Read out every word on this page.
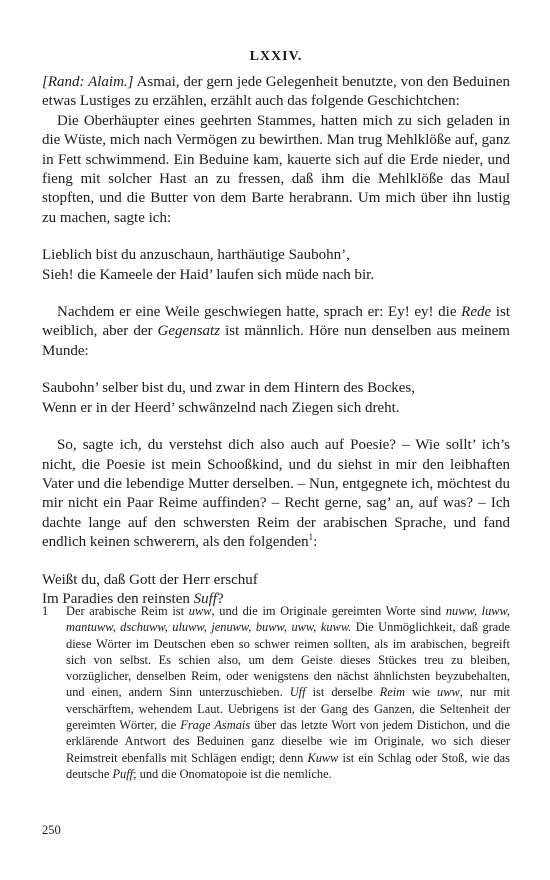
LXXIV.

[Rand: Alaim.] Asmai, der gern jede Gelegenheit benutzte, von den Beduinen etwas Lustiges zu erzählen, erzählt auch das folgende Geschichtchen:

Die Oberhäupter eines geehrten Stammes, hatten mich zu sich geladen in die Wüste, mich nach Vermögen zu bewirthen. Man trug Mehlklöße auf, ganz in Fett schwimmend. Ein Beduine kam, kauerte sich auf die Erde nieder, und fieng mit solcher Hast an zu fressen, daß ihm die Mehlklöße das Maul stopften, und die Butter von dem Barte herabrann. Um mich über ihn lustig zu machen, sagte ich:

Lieblich bist du anzuschaun, harthäutige Saubohn’,
Sieh! die Kameele der Haid’ laufen sich müde nach bir.

Nachdem er eine Weile geschwiegen hatte, sprach er: Ey! ey! die Rede ist weiblich, aber der Gegensatz ist männlich. Höre nun denselben aus meinem Munde:

Saubohn’ selber bist du, und zwar in dem Hintern des Bockes,
Wenn er in der Heerd’ schwänzelnd nach Ziegen sich dreht.

So, sagte ich, du verstehst dich also auch auf Poesie? – Wie sollt’ ich’s nicht, die Poesie ist mein Schooßkind, und du siehst in mir den leibhaften Vater und die lebendige Mutter derselben. – Nun, entgegnete ich, möchtest du mir nicht ein Paar Reime auffinden? – Recht gerne, sag’ an, auf was? – Ich dachte lange auf den schwersten Reim der arabischen Sprache, und fand endlich keinen schwerern, als den folgenden$^1$:

Weißt du, daß Gott der Herr erschuf
Im Paradies den reinsten Suff?
1 Der arabische Reim ist uww, und die im Originale gereimten Worte sind nuww, luww, mantuww, dschuww, uluww, jenuww, buww, uww, kuww. Die Unmöglichkeit, daß grade diese Wörter im Deutschen eben so schwer reimen sollten, als im arabischen, begreift sich von selbst. Es schien also, um dem Geiste dieses Stückes treu zu bleiben, vorzüglicher, denselben Reim, oder wenigstens den nächst ähnlichsten beyzubehalten, und einen, andern Sinn unterzuschieben. Uff ist derselbe Reim wie uww, nur mit verschärftem, wehendem Laut. Uebrigens ist der Gang des Ganzen, die Seltenheit der gereimten Wörter, die Frage Asmais über das letzte Wort von jedem Distichon, und die erklärende Antwort des Beduinen ganz dieselbe wie im Originale, wo sich dieser Reimstreit ebenfalls mit Schlägen endigt; denn Kuww ist ein Schlag oder Stoß, wie das deutsche Puff; und die Onomatopoie ist die nemliche.
250
